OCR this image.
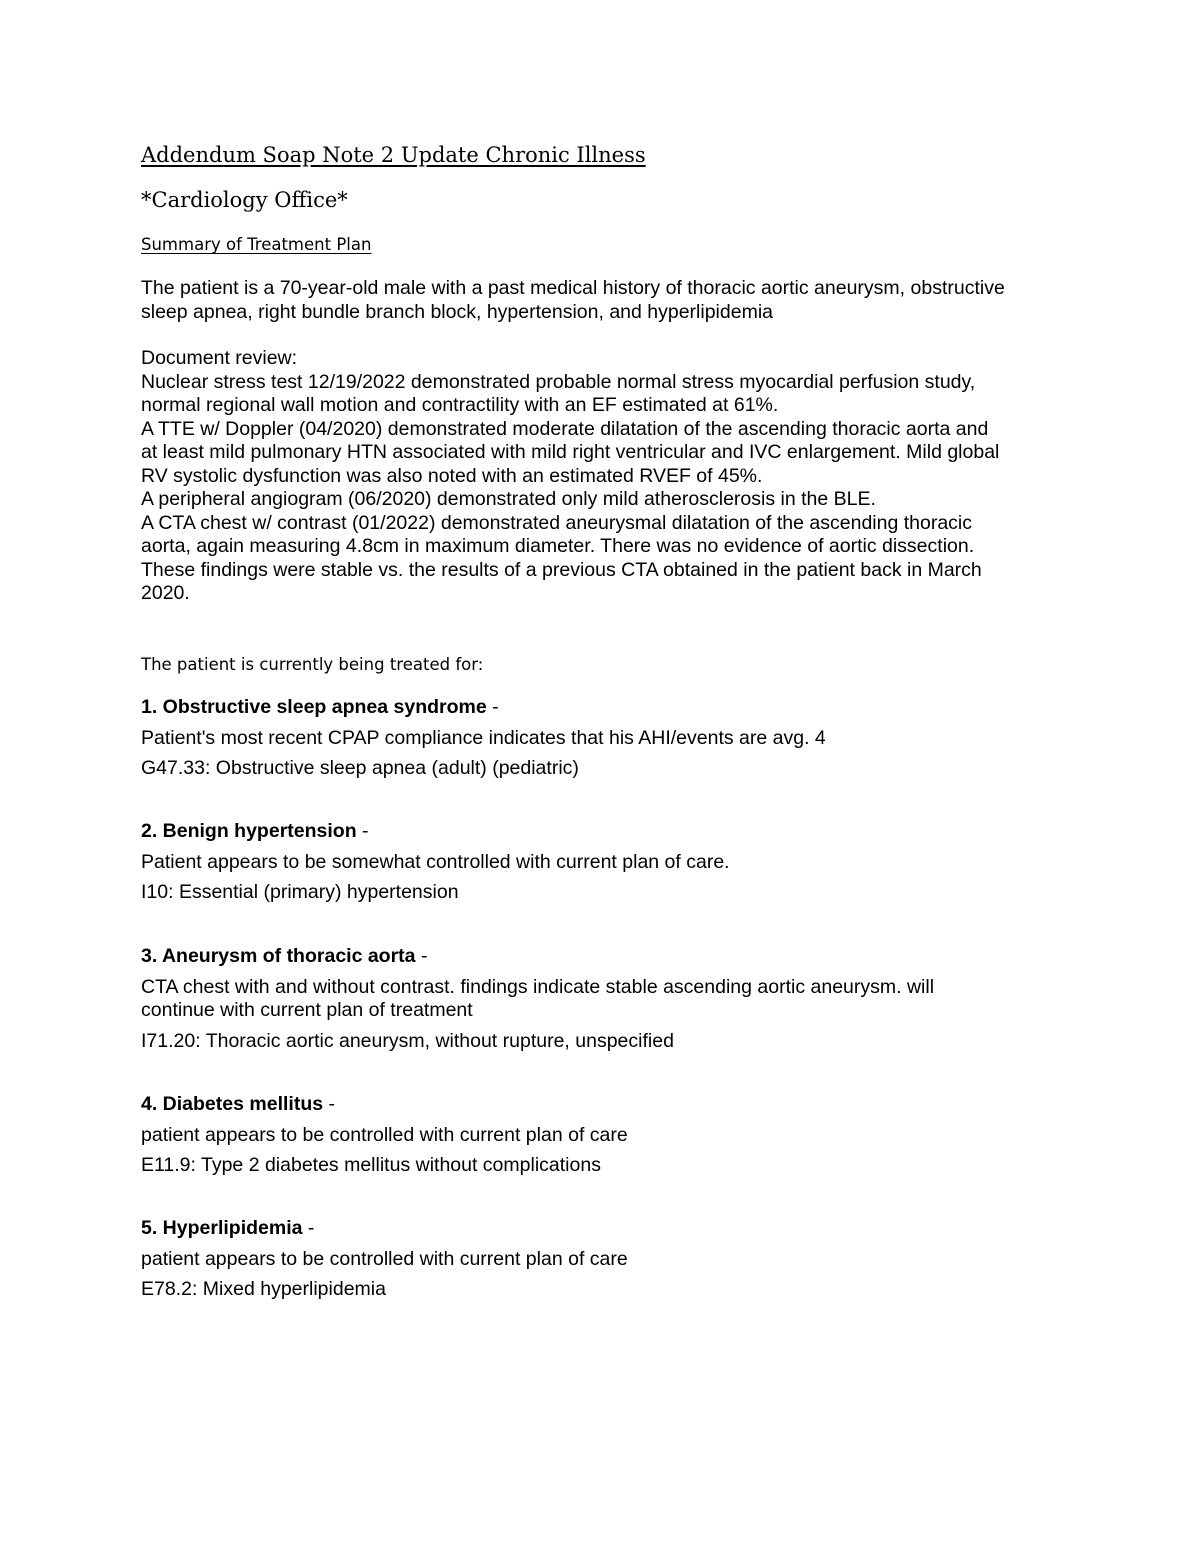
Addendum Soap Note 2 Update Chronic Illness

*Cardiology Office*

Summary of Treatment Plan

The patient is a 70-year-old male with a past medical history of thoracic aortic aneurysm, obstructive
sleep apnea, right bundle branch block, hypertension, and hyperlipidemia
Document review:
Nuclear stress test 12/19/2022 demonstrated probable normal stress myocardial perfusion study,
normal regional wall motion and contractility with an EF estimated at 61%.
A TTE w/ Doppler (04/2020) demonstrated moderate dilatation of the ascending thoracic aorta and
at least mild pulmonary HTN associated with mild right ventricular and IVC enlargement. Mild global
RV systolic dysfunction was also noted with an estimated RVEF of 45%.
A peripheral angiogram (06/2020) demonstrated only mild atherosclerosis in the BLE.
A CTA chest w/ contrast (01/2022) demonstrated aneurysmal dilatation of the ascending thoracic
aorta, again measuring 4.8cm in maximum diameter. There was no evidence of aortic dissection.
These findings were stable vs. the results of a previous CTA obtained in the patient back in March
2020.

The patient is currently being treated for:

1. Obstructive sleep apnea syndrome -
Patient's most recent CPAP compliance indicates that his AHI/events are avg. 4
G47.33: Obstructive sleep apnea (adult) (pediatric)
2. Benign hypertension -
Patient appears to be somewhat controlled with current plan of care.
I10: Essential (primary) hypertension
3. Aneurysm of thoracic aorta -
CTA chest with and without contrast. findings indicate stable ascending aortic aneurysm. will
continue with current plan of treatment
I71.20: Thoracic aortic aneurysm, without rupture, unspecified
4. Diabetes mellitus -
patient appears to be controlled with current plan of care
E11.9: Type 2 diabetes mellitus without complications
5. Hyperlipidemia -
patient appears to be controlled with current plan of care
E78.2: Mixed hyperlipidemia
